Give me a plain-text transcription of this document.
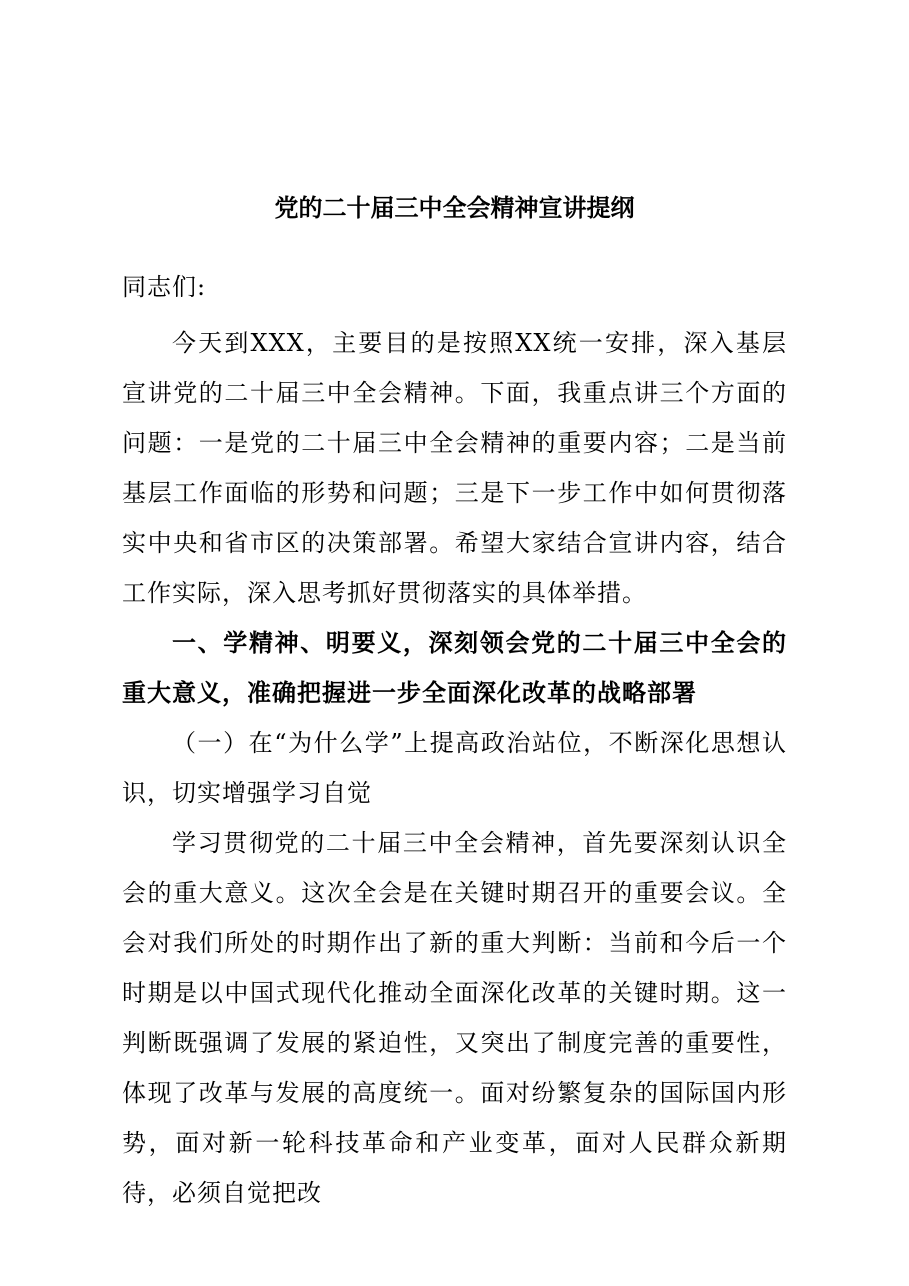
党的二十届三中全会精神宣讲提纲

同志们:

今天到XXX，主要目的是按照XX统一安排，深入基层宣讲党的二十届三中全会精神。下面，我重点讲三个方面的问题：一是党的二十届三中全会精神的重要内容；二是当前基层工作面临的形势和问题；三是下一步工作中如何贯彻落实中央和省市区的决策部署。希望大家结合宣讲内容，结合工作实际，深入思考抓好贯彻落实的具体举措。

一、学精神、明要义，深刻领会党的二十届三中全会的重大意义，准确把握进一步全面深化改革的战略部署

（一）在“为什么学”上提高政治站位，不断深化思想认识，切实增强学习自觉

学习贯彻党的二十届三中全会精神，首先要深刻认识全会的重大意义。这次全会是在关键时期召开的重要会议。全会对我们所处的时期作出了新的重大判断：当前和今后一个时期是以中国式现代化推动全面深化改革的关键时期。这一判断既强调了发展的紧迫性，又突出了制度完善的重要性，体现了改革与发展的高度统一。面对纷繁复杂的国际国内形势，面对新一轮科技革命和产业变革，面对人民群众新期待，必须自觉把改
